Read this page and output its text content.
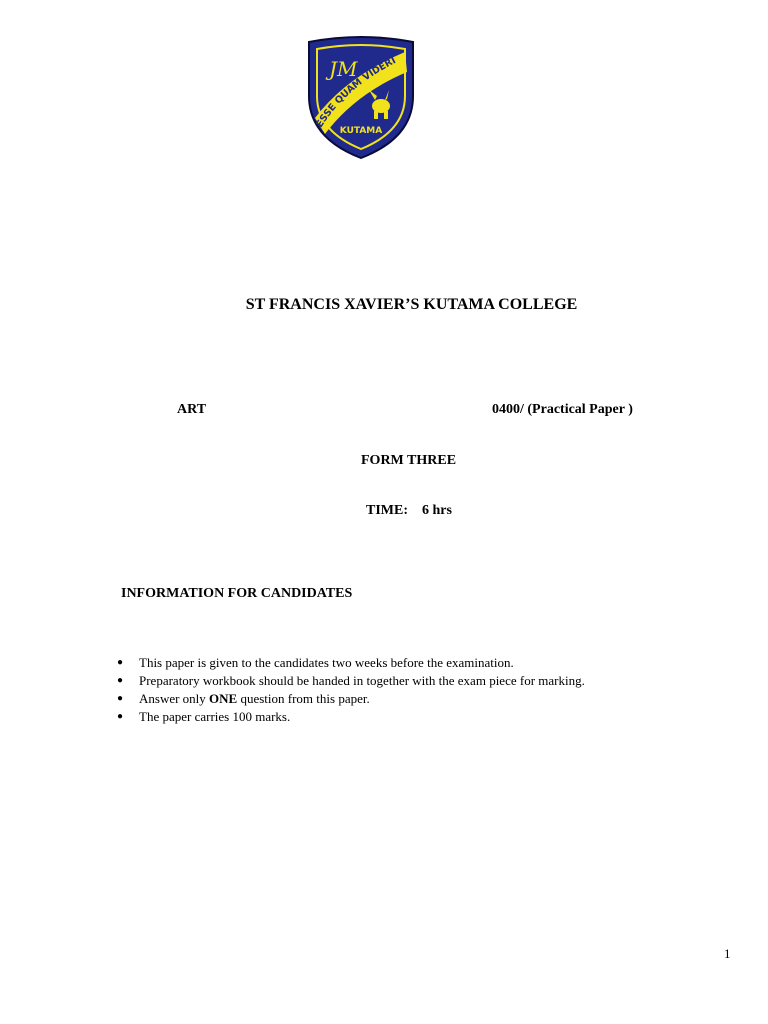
ESSE QUAM VIDERI
JM
KUTAMA
ST FRANCIS XAVIER’S KUTAMA COLLEGE
ART	0400/ (Practical Paper )
FORM THREE
TIME: 6 hrs
INFORMATION FOR CANDIDATES
● This paper is given to the candidates two weeks before the examination.
● Preparatory workbook should be handed in together with the exam piece for marking.
● Answer only ONE question from this paper.
● The paper carries 100 marks.
1
